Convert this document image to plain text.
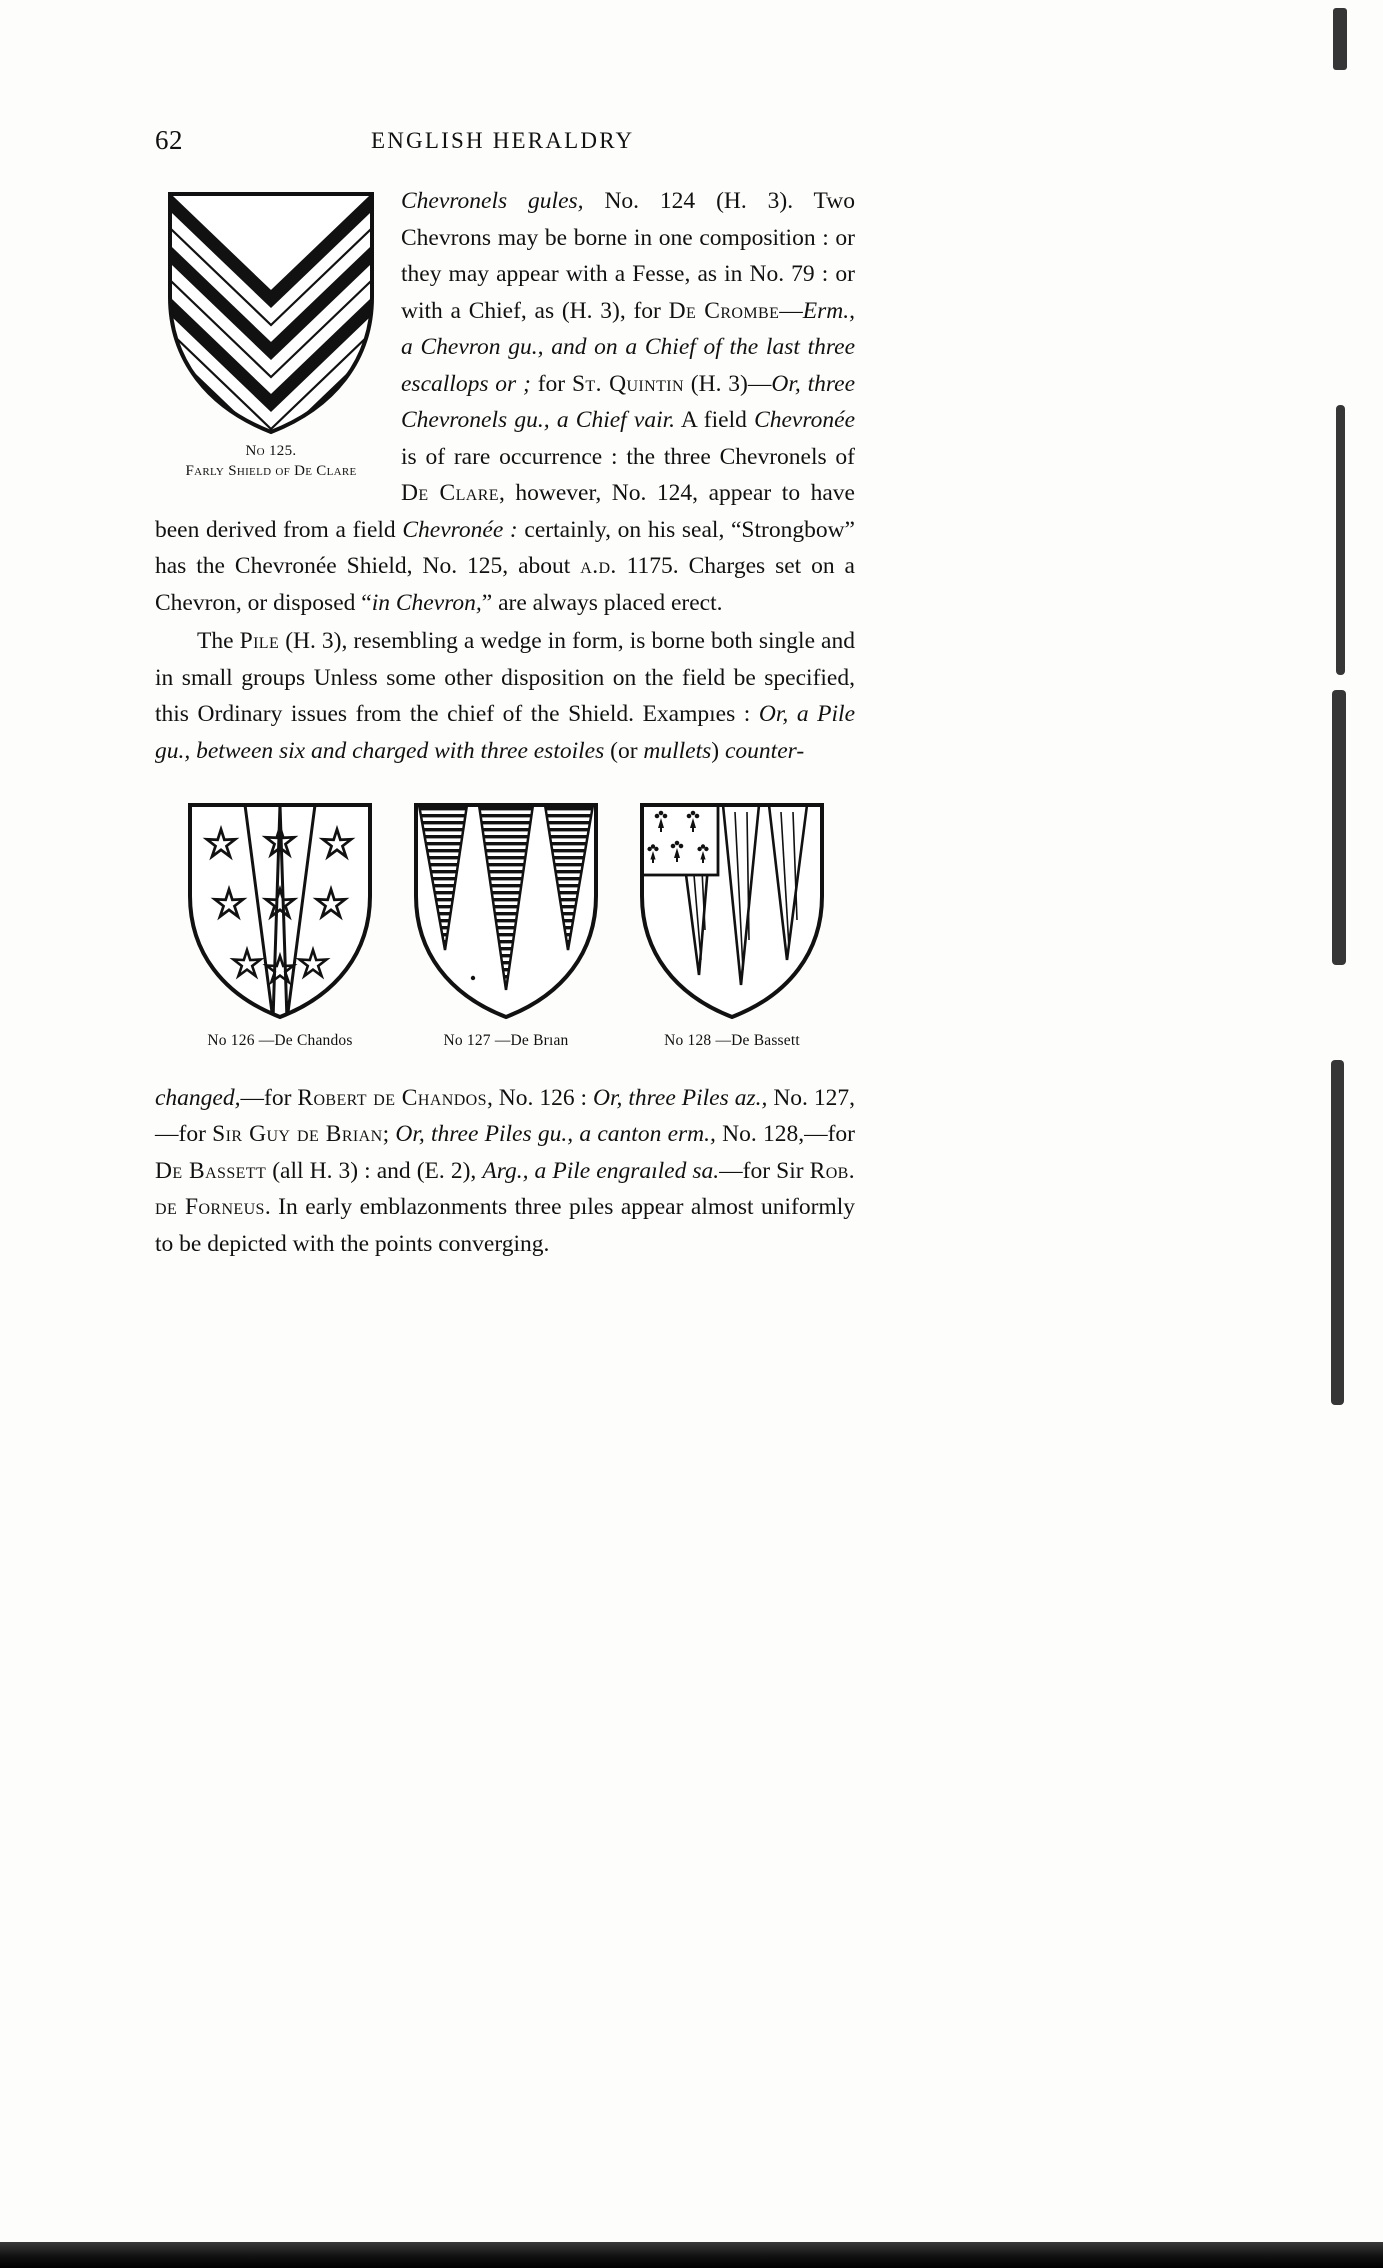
62	ENGLISH HERALDRY
No 125.
Farly Shield of De Clare

Chevronels gules, No. 124 (H. 3). Two Chevrons may be borne in one composition : or they may appear with a Fesse, as in No. 79 : or with a Chief, as (H. 3), for De Crombe—Erm., a Chevron gu., and on a Chief of the last three escallops or ; for St. Quintin (H. 3)—Or, three Chevronels gu., a Chief vair. A field Chevronée is of rare occurrence : the three Chevronels of De Clare, however, No. 124, appear to have been derived from a field Chevronée : certainly, on his seal, “Strongbow” has the Chevronée Shield, No. 125, about a.d. 1175. Charges set on a Chevron, or disposed “in Chevron,” are always placed erect.

The Pile (H. 3), resembling a wedge in form, is borne both single and in small groups Unless some other disposition on the field be specified, this Ordinary issues from the chief of the Shield. Exampıes : Or, a Pile gu., between six and charged with three estoiles (or mullets) counter-

No 126 —De Chandos	No 127 —De Brıan	No 128 —De Bassett

changed,—for Robert de Chandos, No. 126 : Or, three Piles az., No. 127,—for Sır Guy de Brian; Or, three Piles gu., a canton erm., No. 128,—for De Bassett (all H. 3) : and (E. 2), Arg., a Pile engraıled sa.—for Sir Rob. de Forneus. In early emblazonments three pıles appear almost uniformly to be depicted with the points converging.
